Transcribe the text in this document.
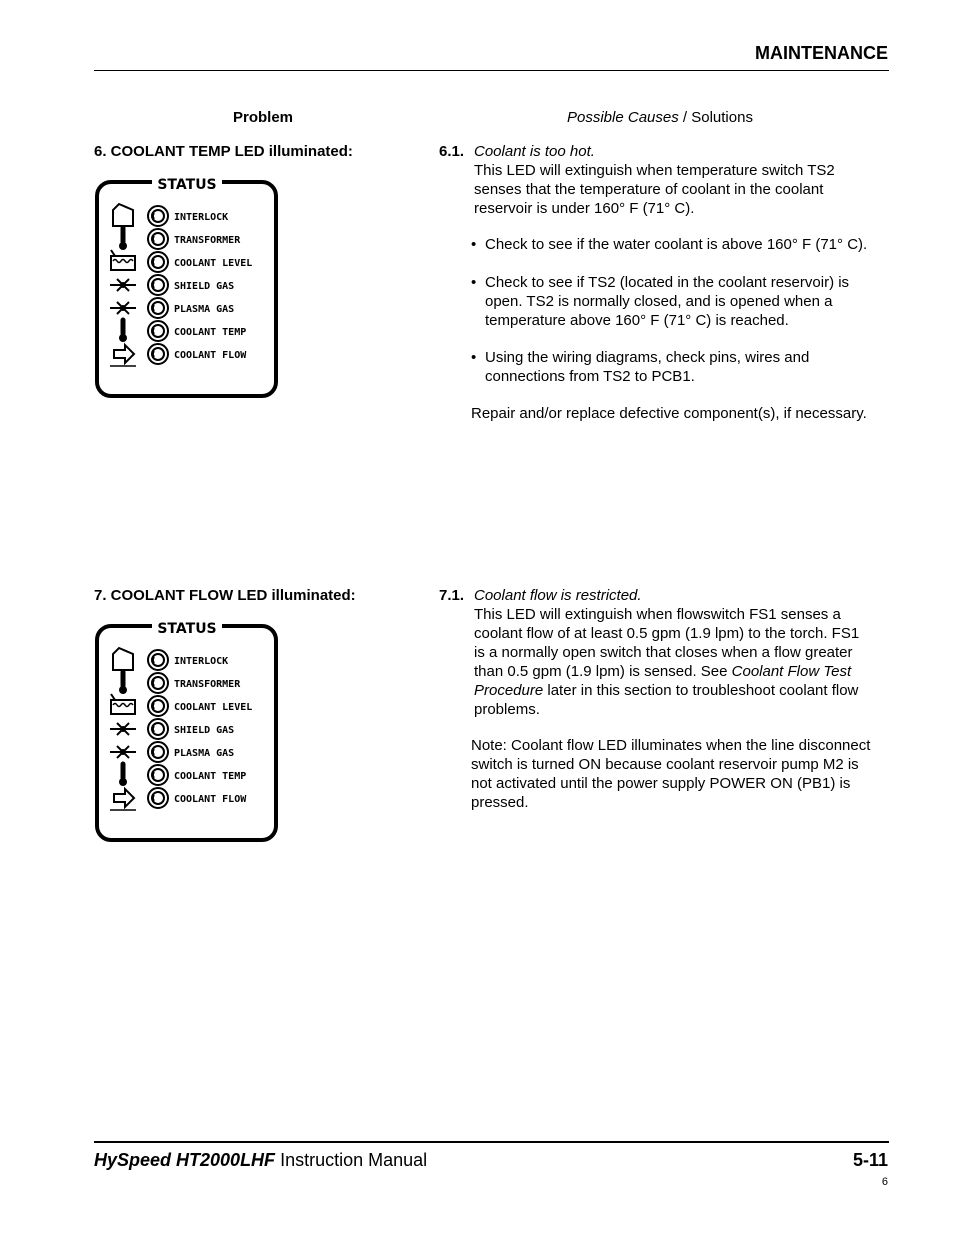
MAINTENANCE
Problem	Possible Causes / Solutions
6. COOLANT TEMP LED illuminated:
STATUS
INTERLOCK
TRANSFORMER
COOLANT LEVEL
SHIELD GAS
PLASMA GAS
COOLANT TEMP
COOLANT FLOW
6.1. Coolant is too hot.
This LED will extinguish when temperature switch TS2
senses that the temperature of coolant in the coolant
reservoir is under 160° F (71° C).
• Check to see if the water coolant is above 160° F (71° C).
• Check to see if TS2 (located in the coolant reservoir) is
open. TS2 is normally closed, and is opened when a
temperature above 160° F (71° C) is reached.
• Using the wiring diagrams, check pins, wires and
connections from TS2 to PCB1.
Repair and/or replace defective component(s), if necessary.
7. COOLANT FLOW LED illuminated:
STATUS
INTERLOCK
TRANSFORMER
COOLANT LEVEL
SHIELD GAS
PLASMA GAS
COOLANT TEMP
COOLANT FLOW
7.1. Coolant flow is restricted.
This LED will extinguish when flowswitch FS1 senses a
coolant flow of at least 0.5 gpm (1.9 lpm) to the torch. FS1
is a normally open switch that closes when a flow greater
than 0.5 gpm (1.9 lpm) is sensed. See Coolant Flow Test
Procedure later in this section to troubleshoot coolant flow
problems.
Note: Coolant flow LED illuminates when the line disconnect
switch is turned ON because coolant reservoir pump M2 is
not activated until the power supply POWER ON (PB1) is
pressed.
HySpeed HT2000LHF Instruction Manual	5-11
6
